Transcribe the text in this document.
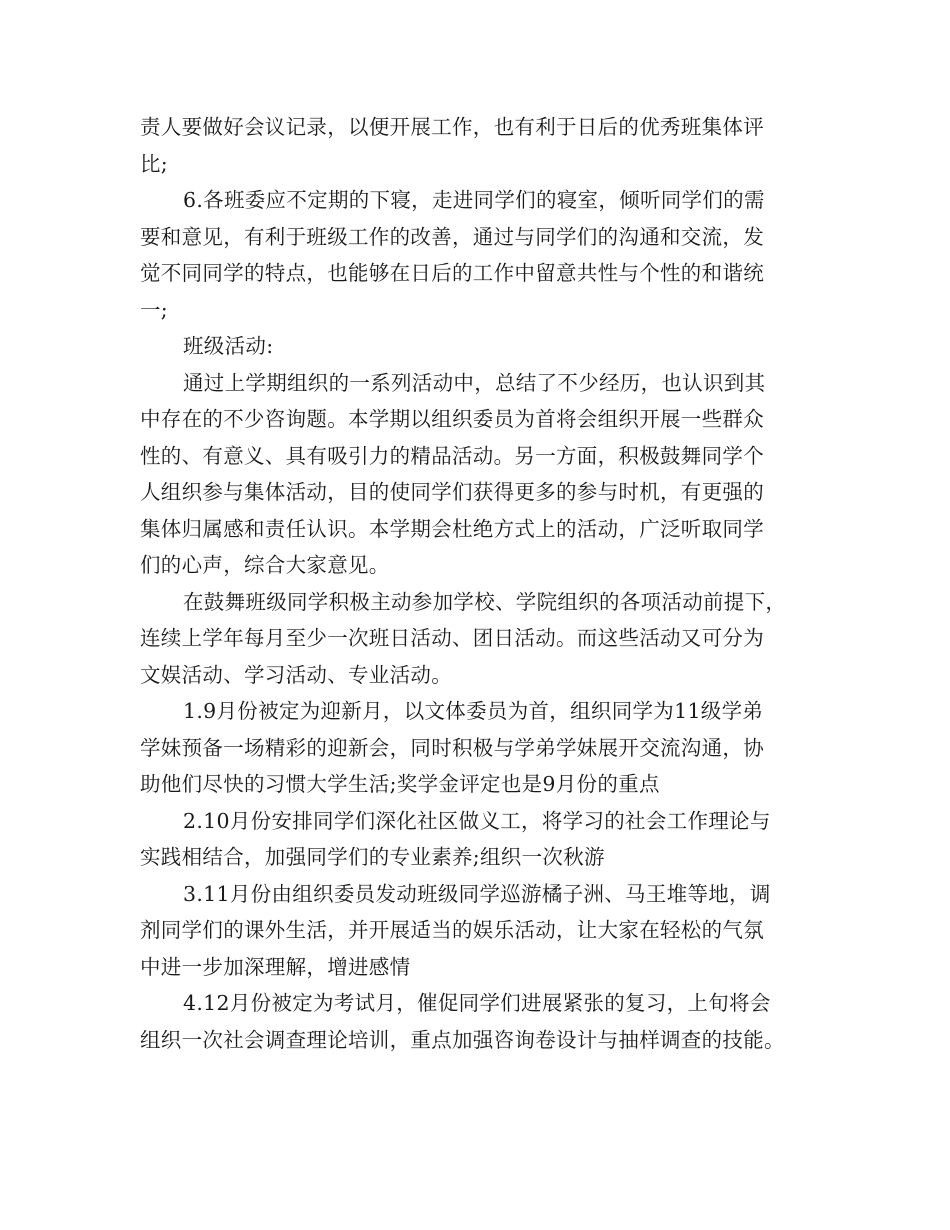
责人要做好会议记录，以便开展工作，也有利于日后的优秀班集体评
比;
6.各班委应不定期的下寝，走进同学们的寝室，倾听同学们的需
要和意见，有利于班级工作的改善，通过与同学们的沟通和交流，发
觉不同同学的特点，也能够在日后的工作中留意共性与个性的和谐统
一;
班级活动:
通过上学期组织的一系列活动中，总结了不少经历，也认识到其
中存在的不少咨询题。本学期以组织委员为首将会组织开展一些群众
性的、有意义、具有吸引力的精品活动。另一方面，积极鼓舞同学个
人组织参与集体活动，目的使同学们获得更多的参与时机，有更强的
集体归属感和责任认识。本学期会杜绝方式上的活动，广泛听取同学
们的心声，综合大家意见。
在鼓舞班级同学积极主动参加学校、学院组织的各项活动前提下，
连续上学年每月至少一次班日活动、团日活动。而这些活动又可分为
文娱活动、学习活动、专业活动。
1.9月份被定为迎新月，以文体委员为首，组织同学为11级学弟
学妹预备一场精彩的迎新会，同时积极与学弟学妹展开交流沟通，协
助他们尽快的习惯大学生活;奖学金评定也是9月份的重点
2.10月份安排同学们深化社区做义工，将学习的社会工作理论与
实践相结合，加强同学们的专业素养;组织一次秋游
3.11月份由组织委员发动班级同学巡游橘子洲、马王堆等地，调
剂同学们的课外生活，并开展适当的娱乐活动，让大家在轻松的气氛
中进一步加深理解，增进感情
4.12月份被定为考试月，催促同学们进展紧张的复习，上旬将会
组织一次社会调查理论培训，重点加强咨询卷设计与抽样调查的技能。
